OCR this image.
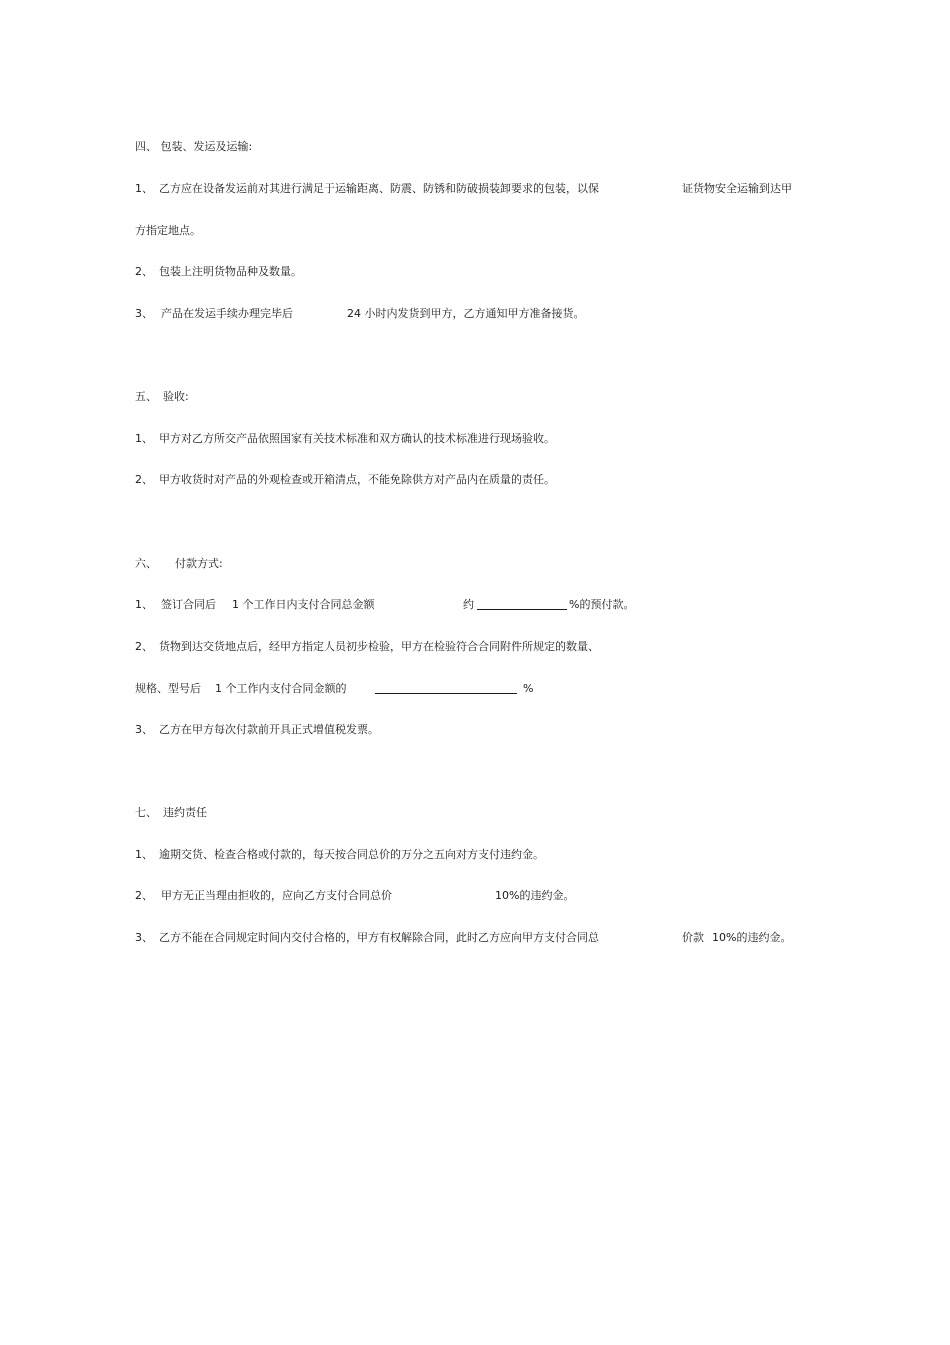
四、 包装、发运及运输:
1、 乙方应在设备发运前对其进行满足于运输距离、防震、防锈和防破损装卸要求的包装，以保	证货物安全运输到达甲
方指定地点。
2、 包装上注明货物品种及数量。
3、 产品在发运手续办理完毕后	24 小时内发货到甲方，乙方通知甲方准备接货。
五、 验收:
1、 甲方对乙方所交产品依照国家有关技术标准和双方确认的技术标准进行现场验收。
2、 甲方收货时对产品的外观检查或开箱清点，不能免除供方对产品内在质量的责任。
六、 付款方式:
1、 签订合同后 1 个工作日内支付合同总金额	约	%的预付款。
2、 货物到达交货地点后，经甲方指定人员初步检验，甲方在检验符合合同附件所规定的数量、
规格、型号后 1 个工作内支付合同金额的	%
3、 乙方在甲方每次付款前开具正式增值税发票。
七、 违约责任
1、 逾期交货、检查合格或付款的，每天按合同总价的万分之五向对方支付违约金。
2、 甲方无正当理由拒收的，应向乙方支付合同总价	10%的违约金。
3、 乙方不能在合同规定时间内交付合格的，甲方有权解除合同，此时乙方应向甲方支付合同总	价款 10%的违约金。
